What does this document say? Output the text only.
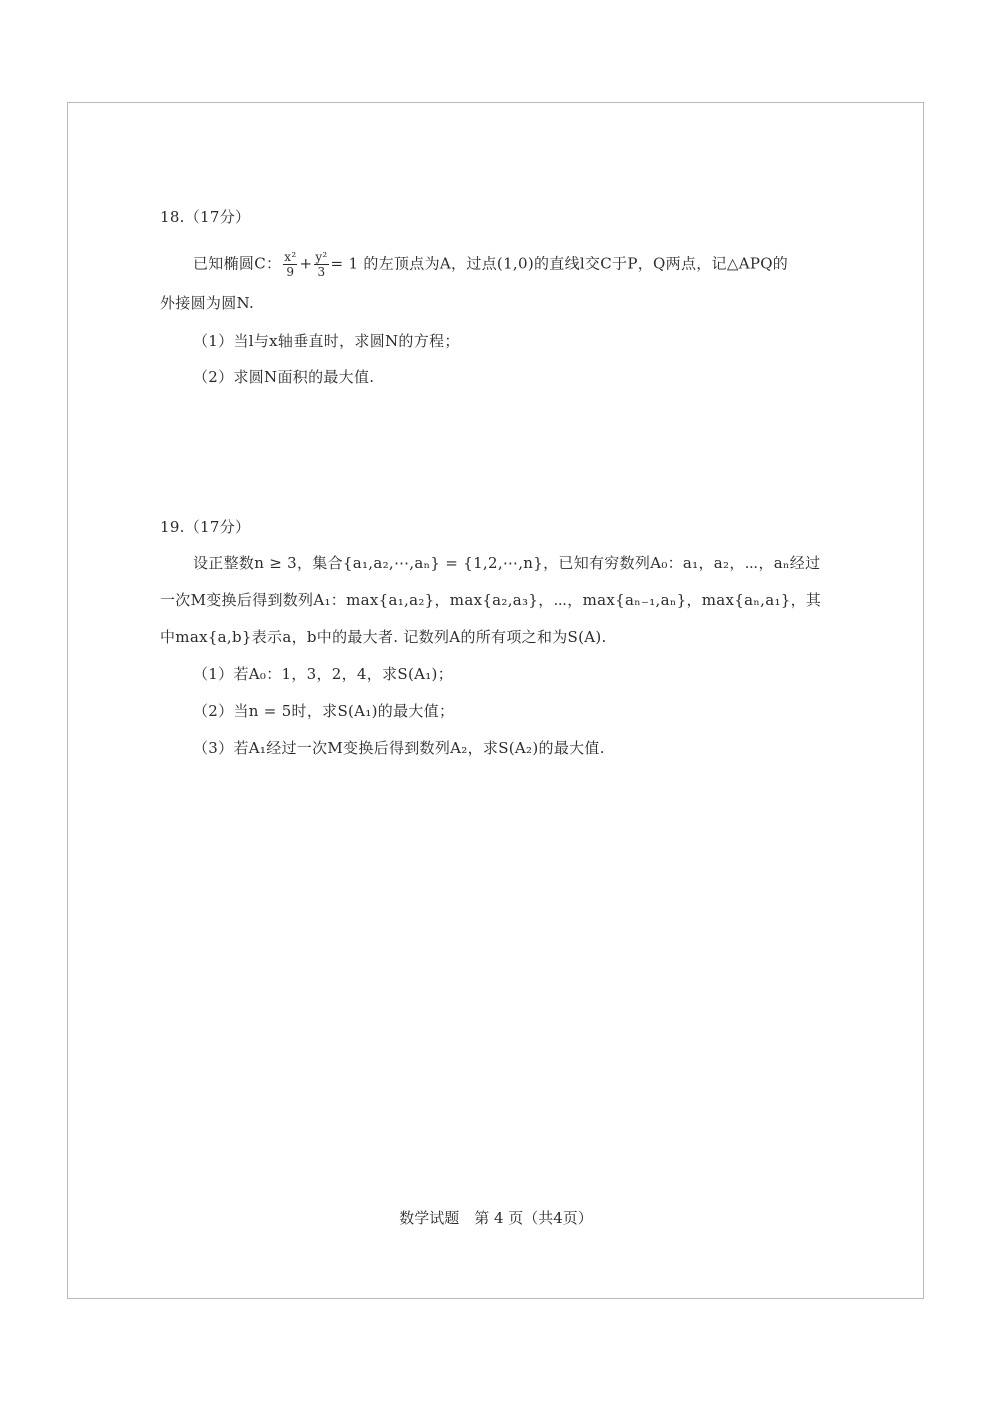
18.（17分）
已知椭圆C： $\frac{\text{x²}}{9} + \frac{\text{y²}}{3} = 1$ 的左顶点为A，过点(1,0)的直线l交C于P，Q两点，记△APQ的
外接圆为圆N.
（1）当l与x轴垂直时，求圆N的方程；
（2）求圆N面积的最大值.
19.（17分）
设正整数n ≥ 3，集合{a₁,a₂,⋯,aₙ} = {1,2,⋯,n}，已知有穷数列A₀：a₁，a₂，⋯，aₙ经过
一次M变换后得到数列A₁：max{a₁,a₂}，max{a₂,a₃}，⋯，max{aₙ₋₁,aₙ}，max{aₙ,a₁}，其
中max{a,b}表示a，b中的最大者. 记数列A的所有项之和为S(A).
（1）若A₀：1，3，2，4，求S(A₁)；
（2）当n = 5时，求S(A₁)的最大值；
（3）若A₁经过一次M变换后得到数列A₂，求S(A₂)的最大值.
数学试题　第 4 页（共4页）
